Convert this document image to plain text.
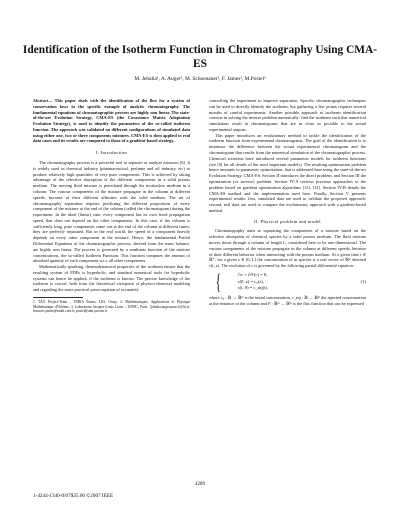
Identification of the Isotherm Function in Chromatography Using CMA-ES
M. Jebalia¹, A. Auger¹, M. Schoenauer¹, F. James², M.Postel³

Abstract— This paper deals with the identification of the flux for a system of conservation laws in the specific example of analytic chromatography. The fundamental equations of chromatographic process are highly non linear. The state-of-the-art Evolution Strategy, CMA-ES (the Covariance Matrix Adaptation Evolution Strategy), is used to identify the parameters of the so-called isotherm function. The approach was validated on different configurations of simulated data using either one, two or three components mixtures. CMA-ES is then applied to real data cases and its results are compared to those of a gradient-based strategy.

I. Introduction

The chromatography process is a powerful tool to separate or analyze mixtures [6]. It is widely used in chemical industry (pharmaceutical, perfume and oil industry, etc) to produce relatively high quantities of very pure components. This is achieved by taking advantage of the selective absorption of the different components in a solid porous medium. The moving fluid mixture is percolated through the motionless medium in a column. The various components of the mixture propagate in the column at different speeds, because of their different affinities with the solid medium. The art of chromatography separation requires predicting the different proportions of every component of the mixture at the end of the column (called the chromatogram) during the experiment. In the ideal (linear) case, every component has its own fixed propagation speed, that does not depend on the other components. In this case, if the column is sufficiently long, pure components come out at the end of the column at different times: they are perfectly separated. But in the real world, the speed of a component heavily depends on every other component in the mixture. Hence, the fundamental Partial Differential Equations of the chromatographic process, derived from the mass balance, are highly non linear. The process is governed by a nonlinear function of the mixture concentrations, the so-called Isotherm Function. This function computes the amount of absorbed quantity of each component w.r.t. all other components.

Mathematically speaking, thermodynamical properties of the isotherm ensure that the resulting system of PDEs is hyperbolic, and standard numerical tools for hyperbolic systems can hence be applied, if the isotherm is known: The precise knowledge of the isotherm is crucial, both from the theoretical viewpoint of physico-chemical modeling and regarding the more practical preoccupation of accurately

1. TAO Project-Team – INRIA Futurs, LRI, Orsay, 2. Mathématiques, Applications et Physique Mathématique d'Orléans, 3. Laboratoire Jacques-Louis Lions – UPMC, Paris. {jebalia,auger,marc}@lri.fr, francois.james@math.cnrs.fr, postel@ann.jussieu.fr

controlling the experiment to improve separation. Specific chromatographic techniques can be used to directly identify the isotherm, but gathering a few points requires several months of careful experiments. Another possible approach to isotherm identification consists in solving the inverse problem numerically: find the isotherm such that numerical simulations result in chromatograms that are as close as possible to the actual experimental outputs.

This paper introduces an evolutionary method to tackle the identification of the isotherm function from experimental chromatograms. The goal of the identification is to minimize the difference between the actual experimental chromatogram and the chromatogram that results from the numerical simulation of the chromatographic process. Chemical scientists have introduced several parametric models for isotherm functions (see [6] for all details of the most important models). The resulting optimization problem hence amounts to parametric optimization, that is addressed here using the state-of-the-art Evolution Strategy, CMA-ES. Section II introduces the direct problem, and Section III the optimization (or inverse) problem. Section IV-A reviews previous approaches to the problem based on gradient optimization algorithms [13], [12]. Section IV-B details the CMA-ES method and the implementation used here. Finally, Section V presents experimental results: first, simulated data are used to validate the proposed approach; second, real data are used to compare the evolutionary approach with a gradient-based method.

II. Physical problem and model

Chromatography aims at separating the components of a mixture based on the selective absorption of chemical species by a solid porous medium. The fluid mixture moves down through a column of length L, considered here to be one-dimensional. The various components of the mixture propagate in the column at different speeds, because of their different behavior when interacting with the porous medium. At a given time t ∈ ℝ⁺, for a given z ∈ [0, L] the concentration of m species is a real vector of ℝᵐ denoted c(t, z). The evolution of c is governed by the following partial differential equation:

{	∂ₜc + ∂ₜF(c) = 0,
c(0, z) = c₀(z),
c(t, 0) = c_inj(t),
(1)

where c₀ : ℝ → ℝᵐ is the initial concentration, c_inj : ℝ → ℝᵐ the injected concentration at the entrance of the column and F : ℝᵐ → ℝᵐ is the flux function that can be expressed

4289
1-4244-1340-0/07$25.00 ©2007 IEEE
